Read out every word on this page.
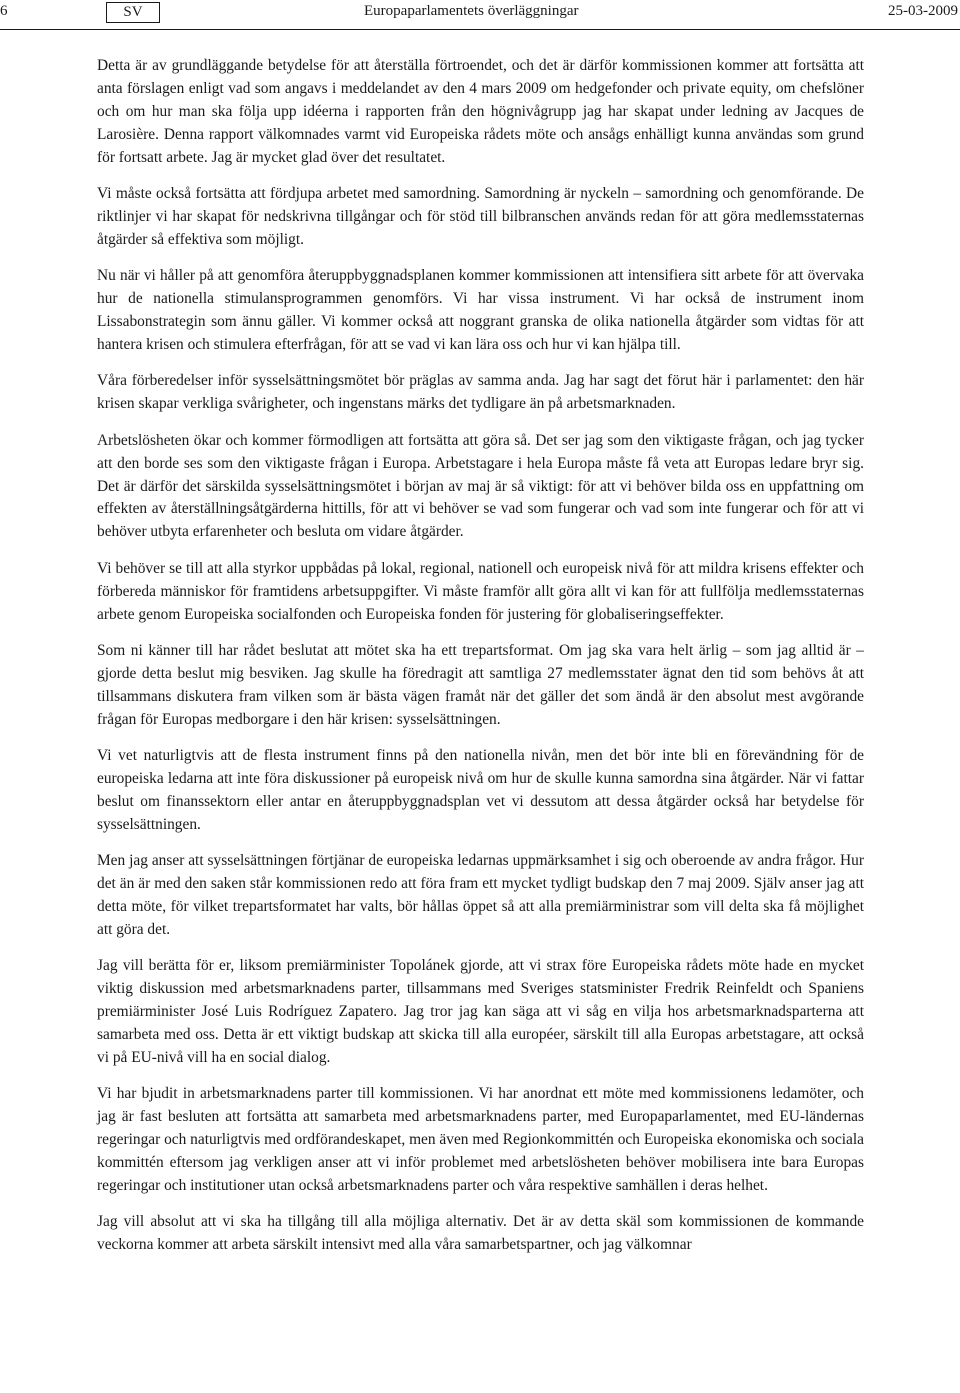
6	SV	Europaparlamentets överläggningar	25-03-2009

Detta är av grundläggande betydelse för att återställa förtroendet, och det är därför kommissionen kommer att fortsätta att anta förslagen enligt vad som angavs i meddelandet av den 4 mars 2009 om hedgefonder och private equity, om chefslöner och om hur man ska följa upp idéerna i rapporten från den högnivågrupp jag har skapat under ledning av Jacques de Larosière. Denna rapport välkomnades varmt vid Europeiska rådets möte och ansågs enhälligt kunna användas som grund för fortsatt arbete. Jag är mycket glad över det resultatet.

Vi måste också fortsätta att fördjupa arbetet med samordning. Samordning är nyckeln – samordning och genomförande. De riktlinjer vi har skapat för nedskrivna tillgångar och för stöd till bilbranschen används redan för att göra medlemsstaternas åtgärder så effektiva som möjligt.

Nu när vi håller på att genomföra återuppbyggnadsplanen kommer kommissionen att intensifiera sitt arbete för att övervaka hur de nationella stimulansprogrammen genomförs. Vi har vissa instrument. Vi har också de instrument inom Lissabonstrategin som ännu gäller. Vi kommer också att noggrant granska de olika nationella åtgärder som vidtas för att hantera krisen och stimulera efterfrågan, för att se vad vi kan lära oss och hur vi kan hjälpa till.

Våra förberedelser inför sysselsättningsmötet bör präglas av samma anda. Jag har sagt det förut här i parlamentet: den här krisen skapar verkliga svårigheter, och ingenstans märks det tydligare än på arbetsmarknaden.

Arbetslösheten ökar och kommer förmodligen att fortsätta att göra så. Det ser jag som den viktigaste frågan, och jag tycker att den borde ses som den viktigaste frågan i Europa. Arbetstagare i hela Europa måste få veta att Europas ledare bryr sig. Det är därför det särskilda sysselsättningsmötet i början av maj är så viktigt: för att vi behöver bilda oss en uppfattning om effekten av återställningsåtgärderna hittills, för att vi behöver se vad som fungerar och vad som inte fungerar och för att vi behöver utbyta erfarenheter och besluta om vidare åtgärder.

Vi behöver se till att alla styrkor uppbådas på lokal, regional, nationell och europeisk nivå för att mildra krisens effekter och förbereda människor för framtidens arbetsuppgifter. Vi måste framför allt göra allt vi kan för att fullfölja medlemsstaternas arbete genom Europeiska socialfonden och Europeiska fonden för justering för globaliseringseffekter.

Som ni känner till har rådet beslutat att mötet ska ha ett trepartsformat. Om jag ska vara helt ärlig – som jag alltid är – gjorde detta beslut mig besviken. Jag skulle ha föredragit att samtliga 27 medlemsstater ägnat den tid som behövs åt att tillsammans diskutera fram vilken som är bästa vägen framåt när det gäller det som ändå är den absolut mest avgörande frågan för Europas medborgare i den här krisen: sysselsättningen.

Vi vet naturligtvis att de flesta instrument finns på den nationella nivån, men det bör inte bli en förevändning för de europeiska ledarna att inte föra diskussioner på europeisk nivå om hur de skulle kunna samordna sina åtgärder. När vi fattar beslut om finanssektorn eller antar en återuppbyggnadsplan vet vi dessutom att dessa åtgärder också har betydelse för sysselsättningen.

Men jag anser att sysselsättningen förtjänar de europeiska ledarnas uppmärksamhet i sig och oberoende av andra frågor. Hur det än är med den saken står kommissionen redo att föra fram ett mycket tydligt budskap den 7 maj 2009. Själv anser jag att detta möte, för vilket trepartsformatet har valts, bör hållas öppet så att alla premiärministrar som vill delta ska få möjlighet att göra det.

Jag vill berätta för er, liksom premiärminister Topolánek gjorde, att vi strax före Europeiska rådets möte hade en mycket viktig diskussion med arbetsmarknadens parter, tillsammans med Sveriges statsminister Fredrik Reinfeldt och Spaniens premiärminister José Luis Rodríguez Zapatero. Jag tror jag kan säga att vi såg en vilja hos arbetsmarknadsparterna att samarbeta med oss. Detta är ett viktigt budskap att skicka till alla européer, särskilt till alla Europas arbetstagare, att också vi på EU-nivå vill ha en social dialog.

Vi har bjudit in arbetsmarknadens parter till kommissionen. Vi har anordnat ett möte med kommissionens ledamöter, och jag är fast besluten att fortsätta att samarbeta med arbetsmarknadens parter, med Europaparlamentet, med EU-ländernas regeringar och naturligtvis med ordförandeskapet, men även med Regionkommittén och Europeiska ekonomiska och sociala kommittén eftersom jag verkligen anser att vi inför problemet med arbetslösheten behöver mobilisera inte bara Europas regeringar och institutioner utan också arbetsmarknadens parter och våra respektive samhällen i deras helhet.

Jag vill absolut att vi ska ha tillgång till alla möjliga alternativ. Det är av detta skäl som kommissionen de kommande veckorna kommer att arbeta särskilt intensivt med alla våra samarbetspartner, och jag välkomnar
